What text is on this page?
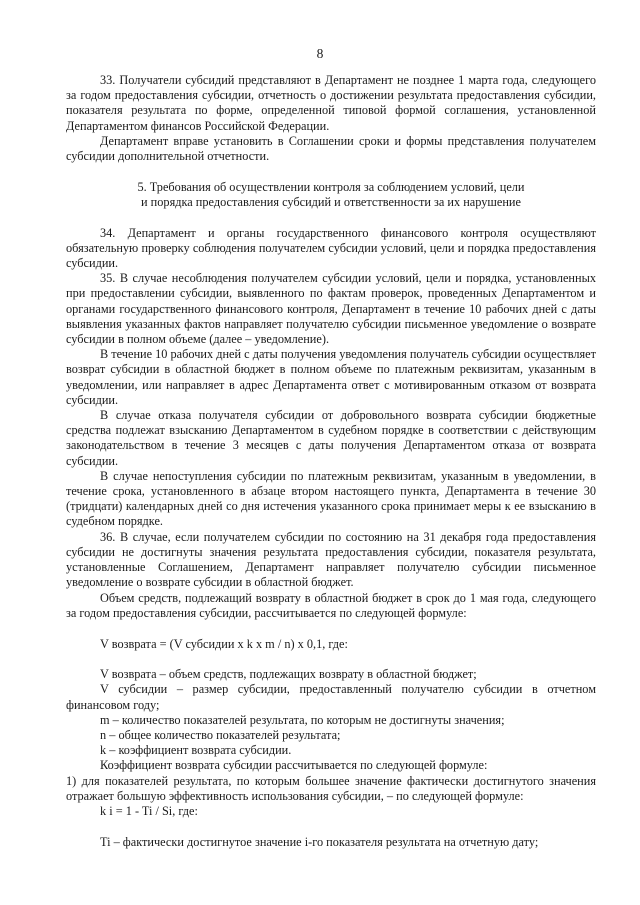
8

33. Получатели субсидий представляют в Департамент не позднее 1 марта года, следующего за годом предоставления субсидии, отчетность о достижении результата предоставления субсидии, показателя результата по форме, определенной типовой формой соглашения, установленной Департаментом финансов Российской Федерации.

Департамент вправе установить в Соглашении сроки и формы представления получателем субсидии дополнительной отчетности.

5. Требования об осуществлении контроля за соблюдением условий, цели
и порядка предоставления субсидий и ответственности за их нарушение

34. Департамент и органы государственного финансового контроля осуществляют обязательную проверку соблюдения получателем субсидии условий, цели и порядка предоставления субсидии.

35. В случае несоблюдения получателем субсидии условий, цели и порядка, установленных при предоставлении субсидии, выявленного по фактам проверок, проведенных Департаментом и органами государственного финансового контроля, Департамент в течение 10 рабочих дней с даты выявления указанных фактов направляет получателю субсидии письменное уведомление о возврате субсидии в полном объеме (далее – уведомление).

В течение 10 рабочих дней с даты получения уведомления получатель субсидии осуществляет возврат субсидии в областной бюджет в полном объеме по платежным реквизитам, указанным в уведомлении, или направляет в адрес Департамента ответ с мотивированным отказом от возврата субсидии.

В случае отказа получателя субсидии от добровольного возврата субсидии бюджетные средства подлежат взысканию Департаментом в судебном порядке в соответствии с действующим законодательством в течение 3 месяцев с даты получения Департаментом отказа от возврата субсидии.

В случае непоступления субсидии по платежным реквизитам, указанным в уведомлении, в течение срока, установленного в абзаце втором настоящего пункта, Департамента в течение 30 (тридцати) календарных дней со дня истечения указанного срока принимает меры к ее взысканию в судебном порядке.

36. В случае, если получателем субсидии по состоянию на 31 декабря года предоставления субсидии не достигнуты значения результата предоставления субсидии, показателя результата, установленные Соглашением, Департамент направляет получателю субсидии письменное уведомление о возврате субсидии в областной бюджет.

Объем средств, подлежащий возврату в областной бюджет в срок до 1 мая года, следующего за годом предоставления субсидии, рассчитывается по следующей формуле:

V возврата = (V субсидии x k x m / n) x 0,1, где:

V возврата – объем средств, подлежащих возврату в областной бюджет;

V субсидии – размер субсидии, предоставленный получателю субсидии в отчетном финансовом году;

m – количество показателей результата, по которым не достигнуты значения;

n – общее количество показателей результата;

k – коэффициент возврата субсидии.

Коэффициент возврата субсидии рассчитывается по следующей формуле:

1) для показателей результата, по которым большее значение фактически достигнутого значения отражает большую эффективность использования субсидии, – по следующей формуле:

k i = 1 - Ti / Si, где:

Ti – фактически достигнутое значение i-го показателя результата на отчетную дату;
